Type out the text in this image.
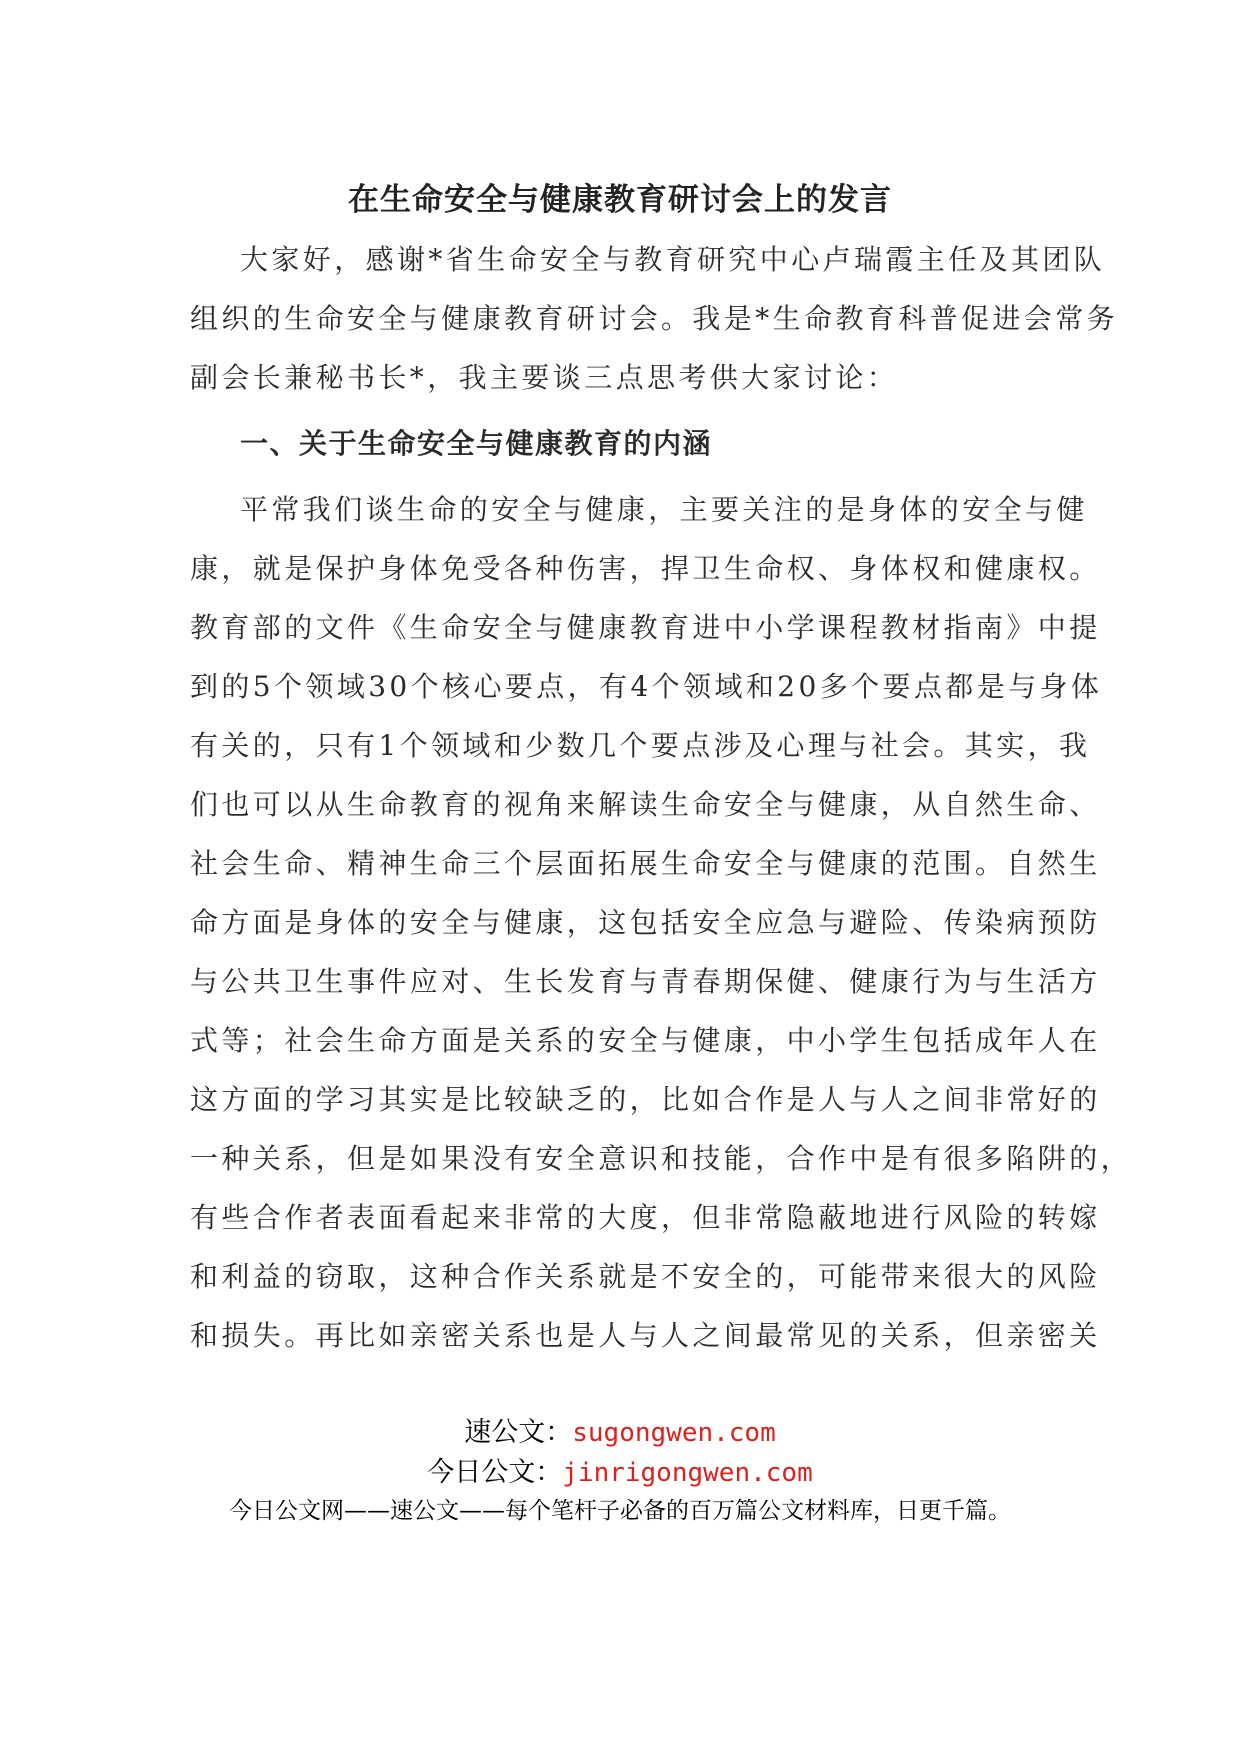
在生命安全与健康教育研讨会上的发言
大家好，感谢*省生命安全与教育研究中心卢瑞霞主任及其团队
组织的生命安全与健康教育研讨会。我是*生命教育科普促进会常务
副会长兼秘书长*，我主要谈三点思考供大家讨论：
一、关于生命安全与健康教育的内涵
平常我们谈生命的安全与健康，主要关注的是身体的安全与健
康，就是保护身体免受各种伤害，捍卫生命权、身体权和健康权。
教育部的文件《生命安全与健康教育进中小学课程教材指南》中提
到的5个领域30个核心要点，有4个领域和20多个要点都是与身体
有关的，只有1个领域和少数几个要点涉及心理与社会。其实，我
们也可以从生命教育的视角来解读生命安全与健康，从自然生命、
社会生命、精神生命三个层面拓展生命安全与健康的范围。自然生
命方面是身体的安全与健康，这包括安全应急与避险、传染病预防
与公共卫生事件应对、生长发育与青春期保健、健康行为与生活方
式等；社会生命方面是关系的安全与健康，中小学生包括成年人在
这方面的学习其实是比较缺乏的，比如合作是人与人之间非常好的
一种关系，但是如果没有安全意识和技能，合作中是有很多陷阱的，
有些合作者表面看起来非常的大度，但非常隐蔽地进行风险的转嫁
和利益的窃取，这种合作关系就是不安全的，可能带来很大的风险
和损失。再比如亲密关系也是人与人之间最常见的关系，但亲密关
速公文：sugongwen.com
今日公文：jinrigongwen.com
今日公文网——速公文——每个笔杆子必备的百万篇公文材料库，日更千篇。
